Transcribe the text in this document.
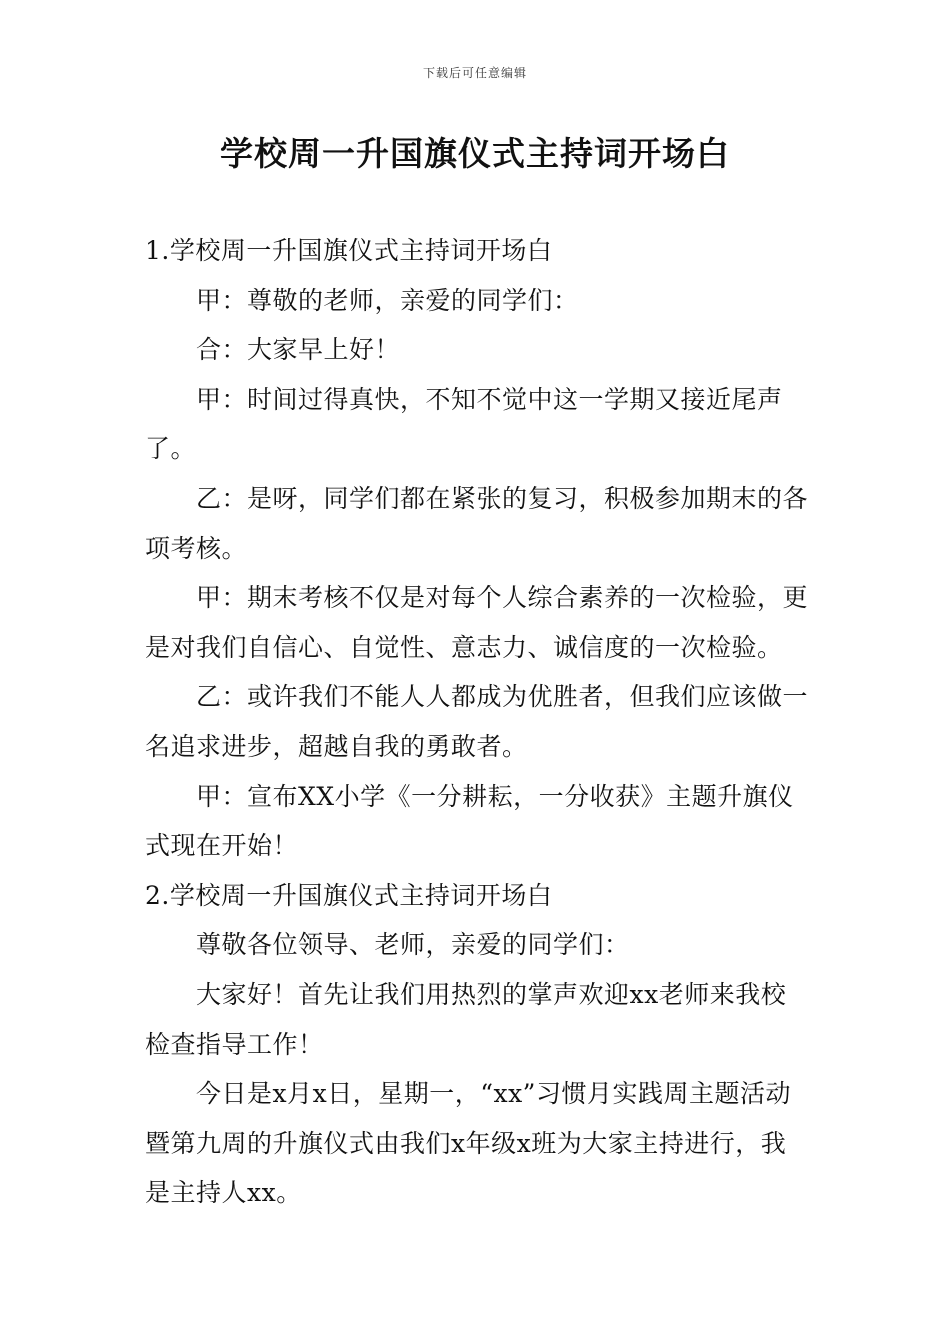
下载后可任意编辑
学校周一升国旗仪式主持词开场白

1.学校周一升国旗仪式主持词开场白

甲：尊敬的老师，亲爱的同学们：

合：大家早上好！

甲：时间过得真快，不知不觉中这一学期又接近尾声了。

乙：是呀，同学们都在紧张的复习，积极参加期末的各项考核。

甲：期末考核不仅是对每个人综合素养的一次检验，更是对我们自信心、自觉性、意志力、诚信度的一次检验。

乙：或许我们不能人人都成为优胜者，但我们应该做一名追求进步，超越自我的勇敢者。

甲：宣布XX小学《一分耕耘，一分收获》主题升旗仪式现在开始！

2.学校周一升国旗仪式主持词开场白

尊敬各位领导、老师，亲爱的同学们：

大家好！首先让我们用热烈的掌声欢迎xx老师来我校检查指导工作！

今日是x月x日，星期一，“xx”习惯月实践周主题活动暨第九周的升旗仪式由我们x年级x班为大家主持进行，我是主持人xx。
